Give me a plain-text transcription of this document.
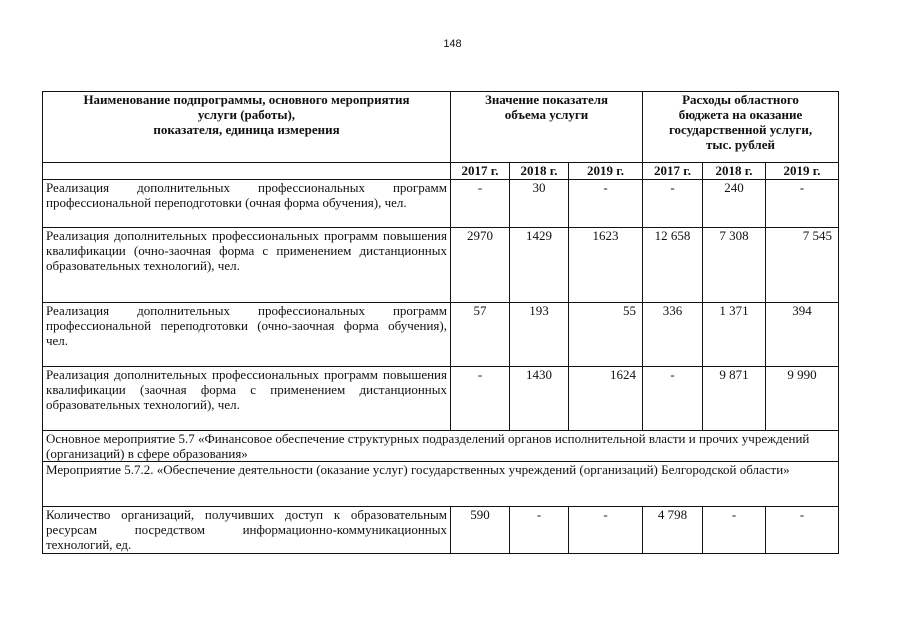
148
Наименование подпрограммы, основного мероприятия
услуги (работы),
показателя, единица измерения	Значение показателя
объема услуги			Расходы областного
бюджета на оказание
государственной услуги,
тыс. рублей		
	2017 г.	2018 г.	2019 г.	2017 г.	2018 г.	2019 г.
Реализация дополнительных профессиональных программ профессиональной переподготовки (очная форма обучения), чел.	-	30	-	-	240	-
Реализация дополнительных профессиональных программ повышения квалификации (очно-заочная форма с применением дистанционных образовательных технологий), чел.	2970	1429	1623	12 658	7 308	7 545
Реализация дополнительных профессиональных программ профессиональной переподготовки (очно-заочная форма обучения), чел.	57	193	55	336	1 371	394
Реализация дополнительных профессиональных программ повышения квалификации (заочная форма с применением дистанционных образовательных технологий), чел.	-	1430	1624	-	9 871	9 990
Основное мероприятие 5.7 «Финансовое обеспечение структурных подразделений органов исполнительной власти и прочих учреждений (организаций) в сфере образования»						
Мероприятие 5.7.2. «Обеспечение деятельности (оказание услуг) государственных учреждений (организаций) Белгородской области»						
Количество организаций, получивших доступ к образовательным ресурсам посредством информационно-коммуникационных технологий, ед.	590	-	-	4 798	-	-
